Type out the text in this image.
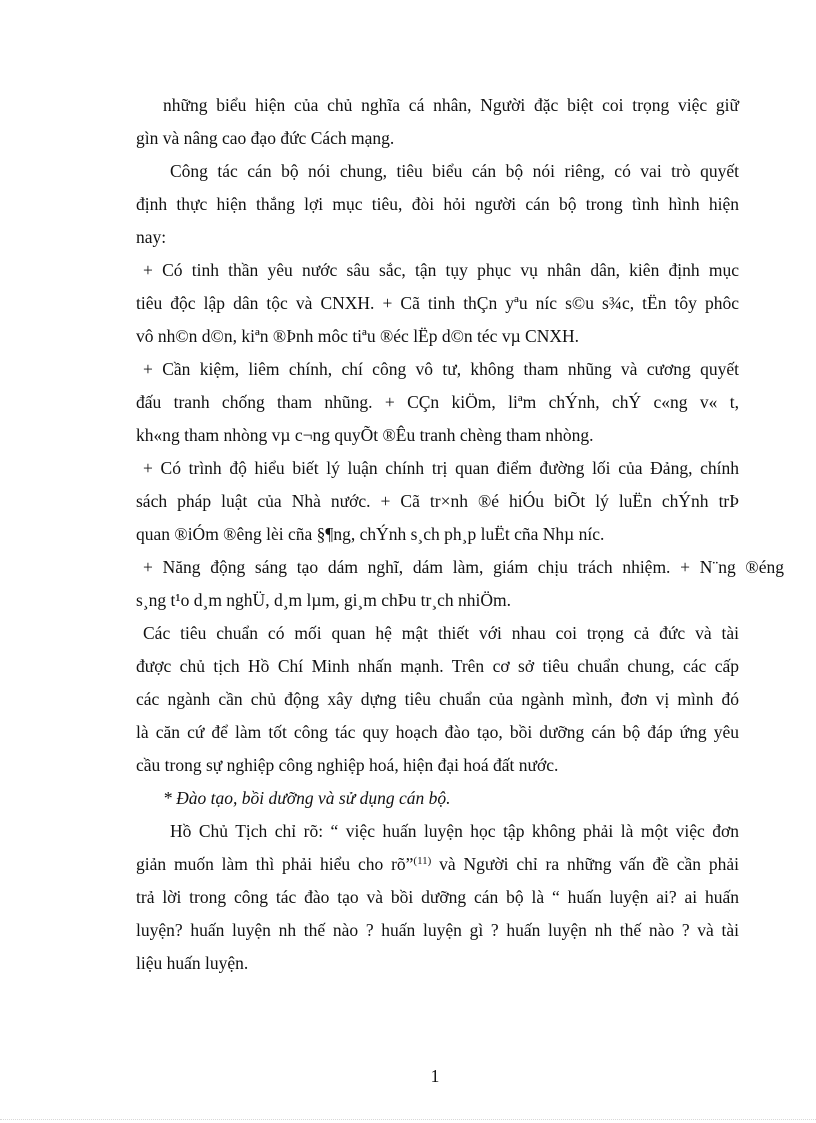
những biểu hiện của chủ nghĩa cá nhân, Người đặc biệt coi trọng việc giữ
gìn và nâng cao đạo đức Cách mạng.
Công tác cán bộ nói chung, tiêu biểu cán bộ nói riêng, có vai trò quyết
định thực hiện thắng lợi mục tiêu, đòi hỏi người cán bộ trong tình hình hiện
nay:
+ Có tinh thần yêu nước sâu sắc, tận tụy phục vụ nhân dân, kiên định mục
tiêu độc lập dân tộc và CNXH. + Cã tinh thÇn yªu níc s©u s¾c, tËn tôy phôc
vô nh©n d©n, kiªn ®Þnh môc tiªu ®éc lËp d©n téc vµ CNXH.
+ Cần kiệm, liêm chính, chí công vô tư, không tham nhũng và cương quyết
đấu tranh chống tham nhũng. + CÇn kiÖm, liªm chÝnh, chÝ c«ng v« t,
kh«ng tham nhòng vµ c¬ng quyÕt ®Êu tranh chèng tham nhòng.
+ Có trình độ hiểu biết lý luận chính trị quan điểm đường lối của Đảng, chính
sách pháp luật của Nhà nước. + Cã tr×nh ®é hiÓu biÕt lý luËn chÝnh trÞ
quan ®iÓm ®êng lèi cña §¶ng, chÝnh s¸ch ph¸p luËt cña Nhµ níc.
+ Năng động sáng tạo dám nghĩ, dám làm, giám chịu trách nhiệm. + N¨ng ®éng
s¸ng t¹o d¸m nghÜ, d¸m lµm, gi¸m chÞu tr¸ch nhiÖm.
Các tiêu chuẩn có mối quan hệ mật thiết với nhau coi trọng cả đức và tài
được chủ tịch Hồ Chí Minh nhấn mạnh. Trên cơ sở tiêu chuẩn chung, các cấp
các ngành cần chủ động xây dựng tiêu chuẩn của ngành mình, đơn vị mình đó
là căn cứ để làm tốt công tác quy hoạch đào tạo, bồi dưỡng cán bộ đáp ứng yêu
cầu trong sự nghiệp công nghiệp hoá, hiện đại hoá đất nước.
* Đào tạo, bồi dưỡng và sử dụng cán bộ.
Hồ Chủ Tịch chỉ rõ: “ việc huấn luyện học tập không phải là một việc đơn
giản muốn làm thì phải hiểu cho rõ”$^{(11)}$ và Người chỉ ra những vấn đề cần phải
trả lời trong công tác đào tạo và bồi dưỡng cán bộ là “ huấn luyện ai? ai huấn
luyện? huấn luyện nh thế nào ? huấn luyện gì ? huấn luyện nh thế nào ? và tài
liệu huấn luyện.
1
